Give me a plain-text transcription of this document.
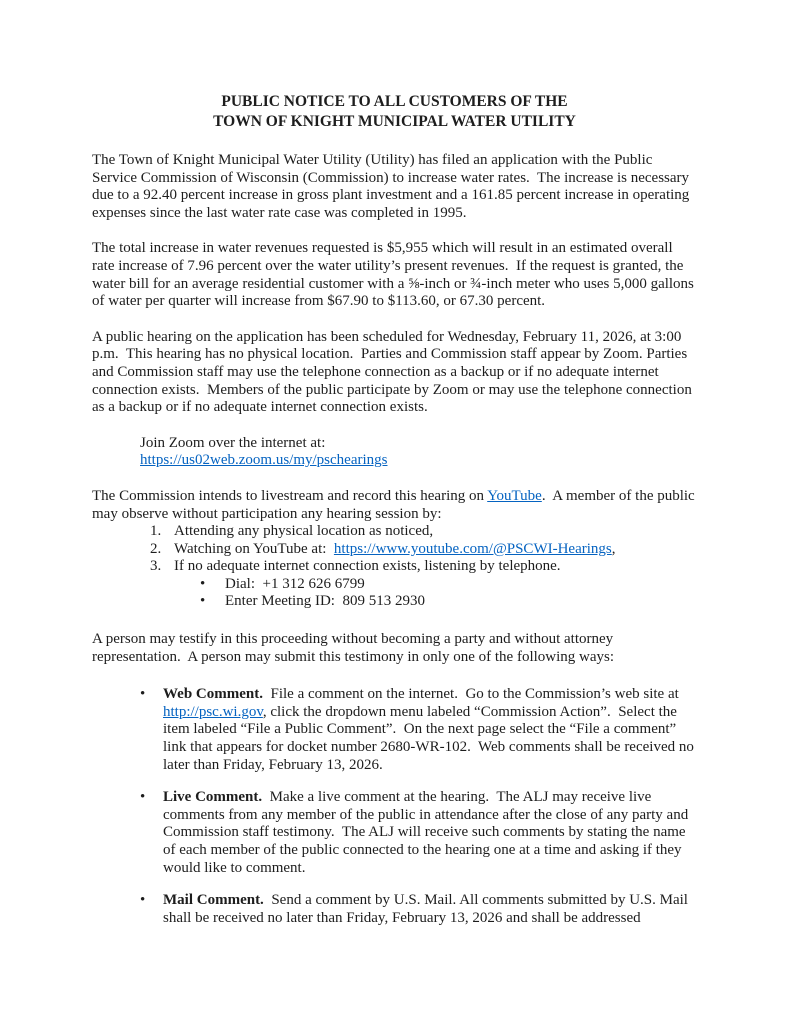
PUBLIC NOTICE TO ALL CUSTOMERS OF THE
TOWN OF KNIGHT MUNICIPAL WATER UTILITY

The Town of Knight Municipal Water Utility (Utility) has filed an application with the Public Service Commission of Wisconsin (Commission) to increase water rates.  The increase is necessary due to a 92.40 percent increase in gross plant investment and a 161.85 percent increase in operating expenses since the last water rate case was completed in 1995.

The total increase in water revenues requested is $5,955 which will result in an estimated overall rate increase of 7.96 percent over the water utility’s present revenues.  If the request is granted, the water bill for an average residential customer with a ⅝-inch or ¾-inch meter who uses 5,000 gallons of water per quarter will increase from $67.90 to $113.60, or 67.30 percent.

A public hearing on the application has been scheduled for Wednesday, February 11, 2026, at 3:00 p.m.  This hearing has no physical location.  Parties and Commission staff appear by Zoom. Parties and Commission staff may use the telephone connection as a backup or if no adequate internet connection exists.  Members of the public participate by Zoom or may use the telephone connection as a backup or if no adequate internet connection exists.

Join Zoom over the internet at:
https://us02web.zoom.us/my/pschearings

The Commission intends to livestream and record this hearing on YouTube.  A member of the public may observe without participation any hearing session by:

1. Attending any physical location as noticed,
2. Watching on YouTube at:  https://www.youtube.com/@PSCWI-Hearings,
3. If no adequate internet connection exists, listening by telephone.
•	Dial:  +1 312 626 6799
•	Enter Meeting ID:  809 513 2930

A person may testify in this proceeding without becoming a party and without attorney representation.  A person may submit this testimony in only one of the following ways:

•	Web Comment.  File a comment on the internet.  Go to the Commission’s web site at http://psc.wi.gov, click the dropdown menu labeled “Commission Action”.  Select the item labeled “File a Public Comment”.  On the next page select the “File a comment” link that appears for docket number 2680-WR-102.  Web comments shall be received no later than Friday, February 13, 2026.
•	Live Comment.  Make a live comment at the hearing.  The ALJ may receive live comments from any member of the public in attendance after the close of any party and Commission staff testimony.  The ALJ will receive such comments by stating the name of each member of the public connected to the hearing one at a time and asking if they would like to comment.
•	Mail Comment.  Send a comment by U.S. Mail. All comments submitted by U.S. Mail shall be received no later than Friday, February 13, 2026 and shall be addressed
